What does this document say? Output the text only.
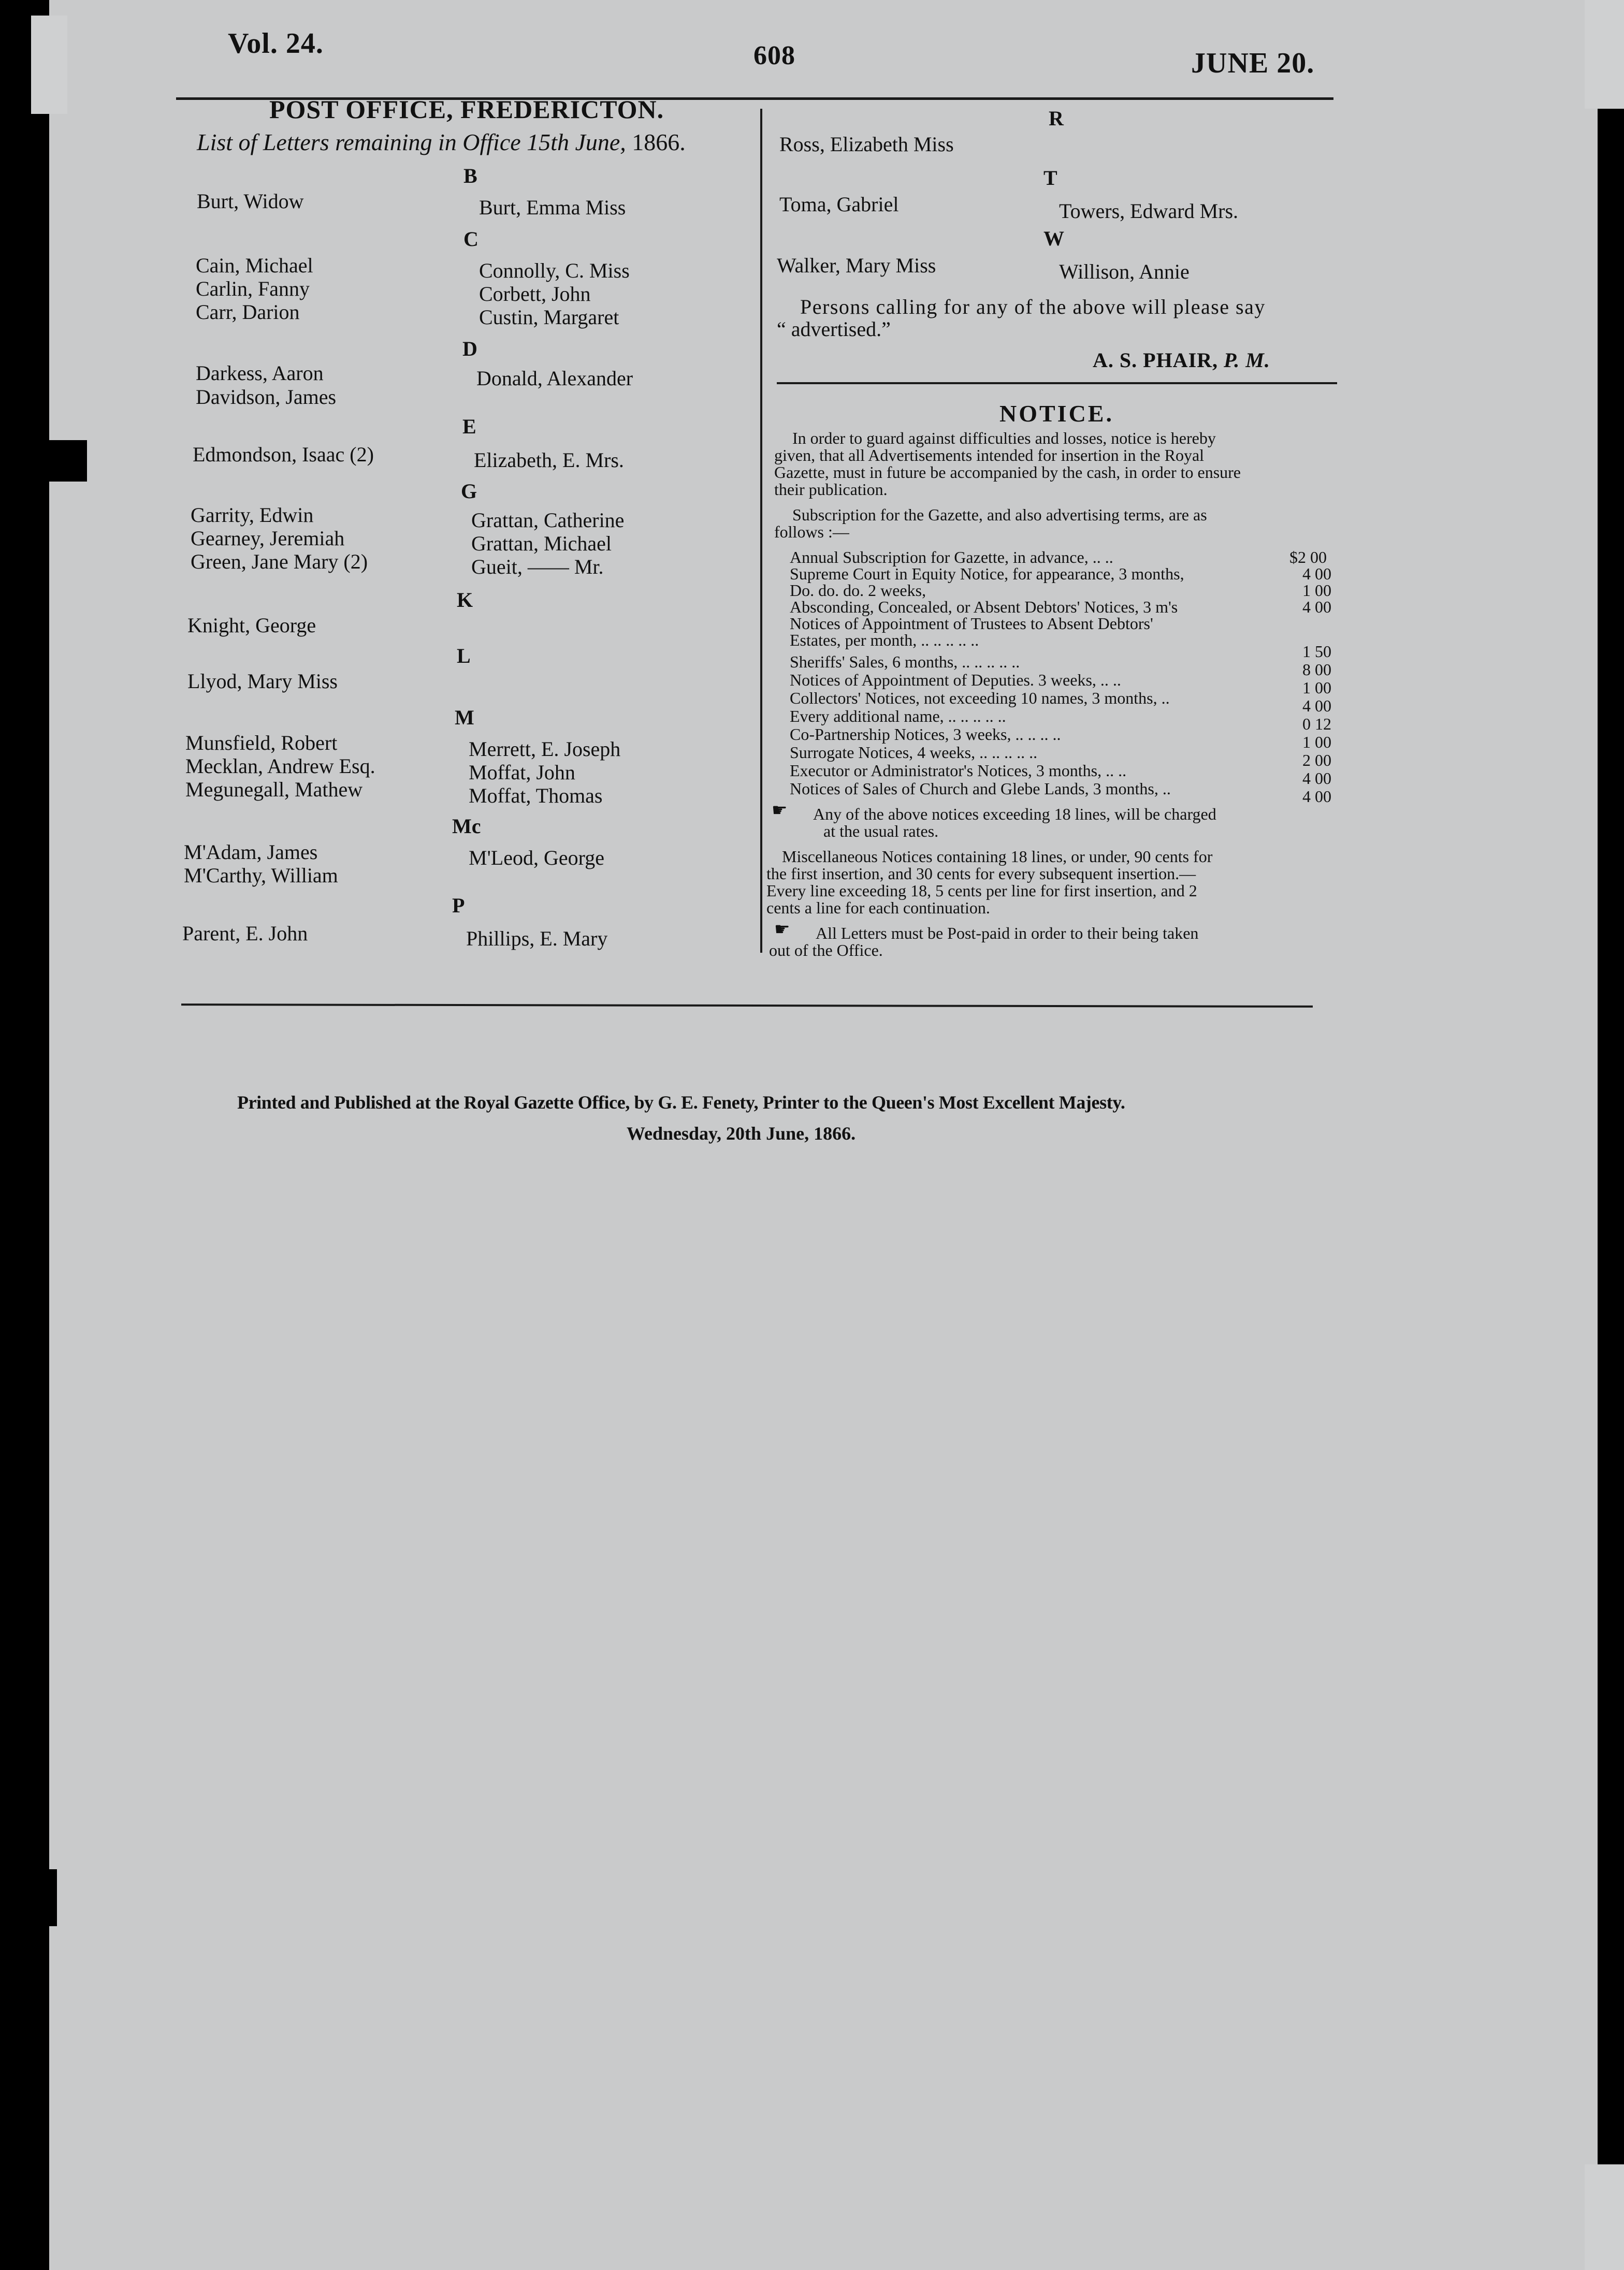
Vol. 24.	608	JUNE 20.
POST OFFICE, FREDERICTON.
List of Letters remaining in Office 15th June, 1866.
B
Burt, Widow	Burt, Emma Miss
C
Cain, Michael
Carlin, Fanny
Carr, Darion
Connolly, C. Miss
Corbett, John
Custin, Margaret
D
Darkess, Aaron
Davidson, James
Donald, Alexander
E
Edmondson, Isaac (2)	Elizabeth, E. Mrs.
G
Garrity, Edwin
Gearney, Jeremiah
Green, Jane Mary (2)
Grattan, Catherine
Grattan, Michael
Gueit, —— Mr.
K
Knight, George
L
Llyod, Mary Miss
M
Munsfield, Robert
Mecklan, Andrew Esq.
Megunegall, Mathew
Merrett, E. Joseph
Moffat, John
Moffat, Thomas
Mc
M'Adam, James
M'Carthy, William
M'Leod, George
P
Parent, E. John	Phillips, E. Mary
R
Ross, Elizabeth Miss
T
Toma, Gabriel	Towers, Edward Mrs.
W
Walker, Mary Miss	Willison, Annie
Persons calling for any of the above will please say
“ advertised.”
A. S. PHAIR, P. M.
NOTICE.
In order to guard against difficulties and losses, notice is hereby
given, that all Advertisements intended for insertion in the Royal
Gazette, must in future be accompanied by the cash, in order to ensure
their publication.
Subscription for the Gazette, and also advertising terms, are as
follows :—
Annual Subscription for Gazette, in advance, .. ..	$2 00
Supreme Court in Equity Notice, for appearance, 3 months,	4 00
Do. do. do. 2 weeks,	1 00
Absconding, Concealed, or Absent Debtors' Notices, 3 m's	4 00
Notices of Appointment of Trustees to Absent Debtors'
Estates, per month, .. .. .. .. ..
1 50
Sheriffs' Sales, 6 months, .. .. .. .. ..	8 00
Notices of Appointment of Deputies. 3 weeks, .. ..	1 00
Collectors' Notices, not exceeding 10 names, 3 months, ..	4 00
Every additional name, .. .. .. .. ..	0 12
Co-Partnership Notices, 3 weeks, .. .. .. ..	1 00
Surrogate Notices, 4 weeks, .. .. .. .. ..	2 00
Executor or Administrator's Notices, 3 months, .. ..	4 00
Notices of Sales of Church and Glebe Lands, 3 months, ..	4 00
☛ Any of the above notices exceeding 18 lines, will be charged
at the usual rates.
Miscellaneous Notices containing 18 lines, or under, 90 cents for
the first insertion, and 30 cents for every subsequent insertion.—
Every line exceeding 18, 5 cents per line for first insertion, and 2
cents a line for each continuation.
☛ All Letters must be Post-paid in order to their being taken
out of the Office.
Printed and Published at the Royal Gazette Office, by G. E. Fenety, Printer to the Queen's Most Excellent Majesty.
Wednesday, 20th June, 1866.
